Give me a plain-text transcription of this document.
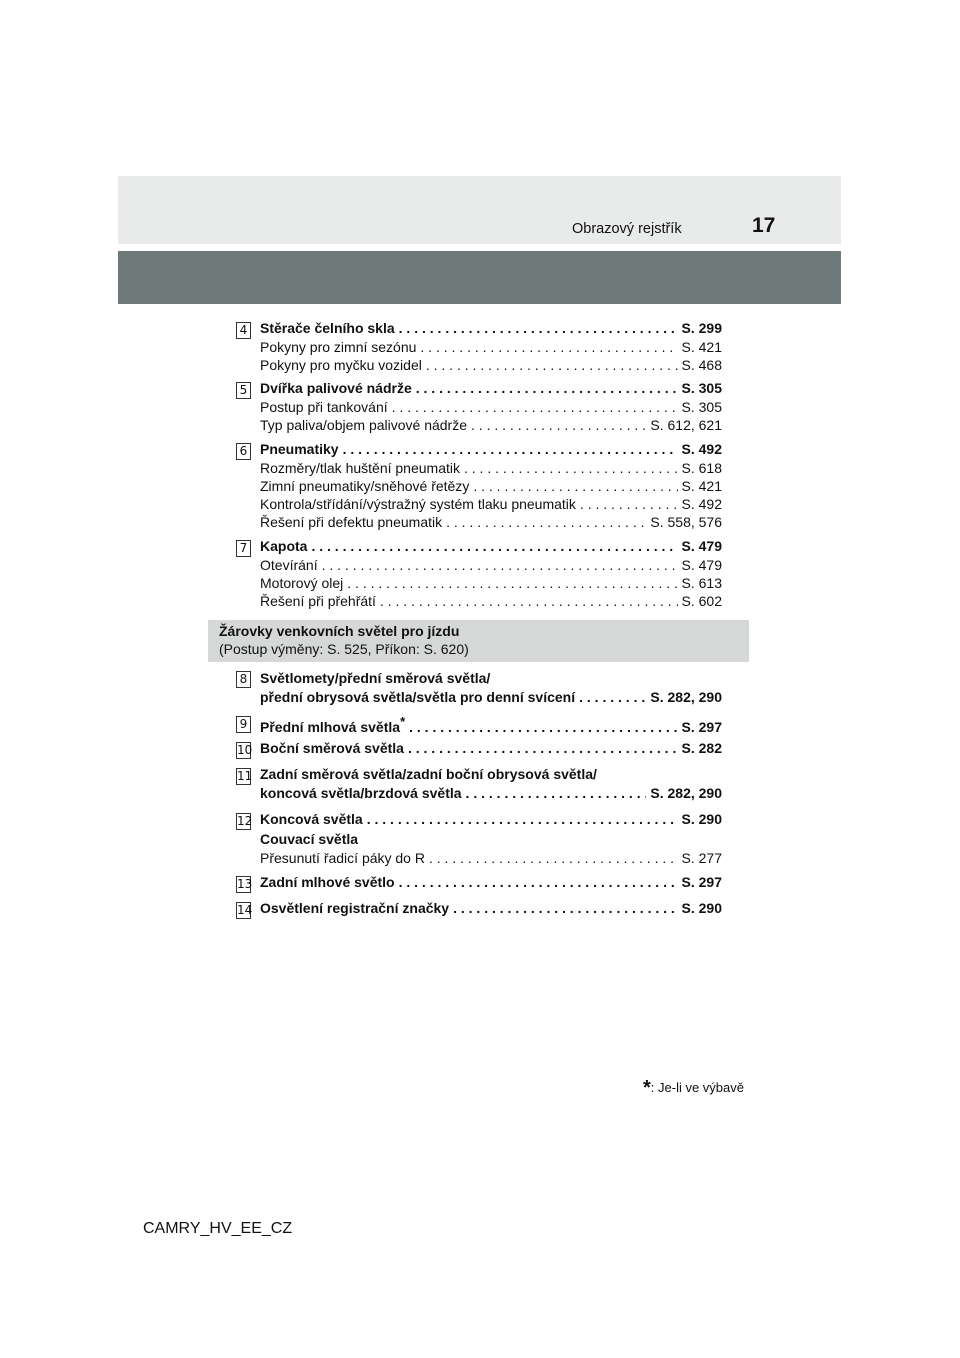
Obrazový rejstřík	17
4 Stěrače čelního skla . . .	S. 299
Pokyny pro zimní sezónu . . .	S. 421
Pokyny pro myčku vozidel . . .	S. 468
5 Dvířka palivové nádrže . . .	S. 305
Postup při tankování . . .	S. 305
Typ paliva/objem palivové nádrže . . .	S. 612, 621
6 Pneumatiky . . .	S. 492
Rozměry/tlak huštění pneumatik . . .	S. 618
Zimní pneumatiky/sněhové řetězy . . .	S. 421
Kontrola/střídání/výstražný systém tlaku pneumatik . . .	S. 492
Řešení při defektu pneumatik . . .	S. 558, 576
7 Kapota . . .	S. 479
Otevírání . . .	S. 479
Motorový olej . . .	S. 613
Řešení při přehřátí . . .	S. 602
Žárovky venkovních světel pro jízdu
(Postup výměny: S. 525, Příkon: S. 620)
8 Světlomety/přední směrová světla/
přední obrysová světla/světla pro denní svícení . . .	S. 282, 290
9 Přední mlhová světla* . . .	S. 297
10 Boční směrová světla . . .	S. 282
11 Zadní směrová světla/zadní boční obrysová světla/
koncová světla/brzdová světla . . .	S. 282, 290
12 Koncová světla . . .	S. 290
Couvací světla
Přesunutí řadicí páky do R . . .	S. 277
13 Zadní mlhové světlo . . .	S. 297
14 Osvětlení registrační značky . . .	S. 290
*: Je-li ve výbavě
CAMRY_HV_EE_CZ
